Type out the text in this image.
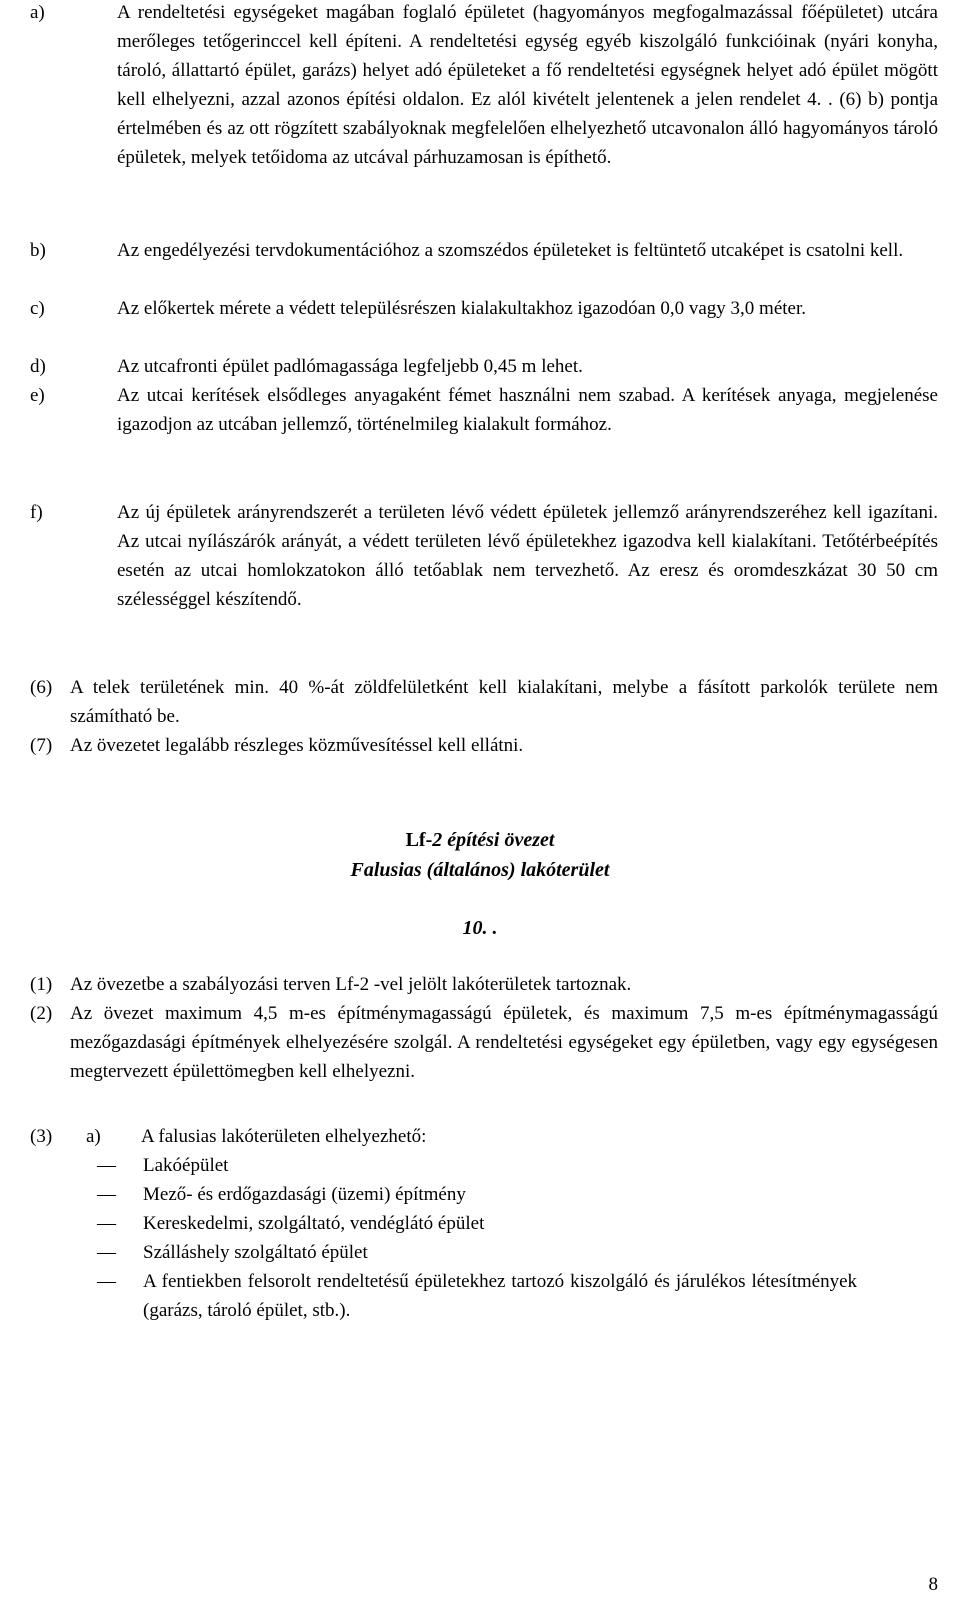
a)	A rendeltetési egységeket magában foglaló épületet (hagyományos megfogalmazással főépületet) utcára merőleges tetőgerinccel kell építeni. A rendeltetési egység egyéb kiszolgáló funkcióinak (nyári konyha, tároló, állattartó épület, garázs) helyet adó épületeket a fő rendeltetési egységnek helyet adó épület mögött kell elhelyezni, azzal azonos építési oldalon. Ez alól kivételt jelentenek a jelen rendelet 4. . (6) b) pontja értelmében és az ott rögzített szabályoknak megfelelően elhelyezhető utcavonalon álló hagyományos tároló épületek, melyek tetőidoma az utcával párhuzamosan is építhető.
b)	Az engedélyezési tervdokumentációhoz a szomszédos épületeket is feltüntető utcaképet is csatolni kell.
c)	Az előkertek mérete a védett településrészen kialakultakhoz igazodóan 0,0 vagy 3,0 méter.
d)	Az utcafronti épület padlómagassága legfeljebb 0,45 m lehet.
e)	Az utcai kerítések elsődleges anyagaként fémet használni nem szabad. A kerítések anyaga, megjelenése igazodjon az utcában jellemző, történelmileg kialakult formához.
f)	Az új épületek arányrendszerét a területen lévő védett épületek jellemző arányrendszeréhez kell igazítani. Az utcai nyílászárók arányát, a védett területen lévő épületekhez igazodva kell kialakítani. Tetőtérbeépítés esetén az utcai homlokzatokon álló tetőablak nem tervezhető. Az eresz és oromdeszkázat 30 50 cm szélességgel készítendő.
(6) A telek területének min. 40 %-át zöldfelületként kell kialakítani, melybe a fásított parkolók területe nem számítható be.
(7) Az övezetet legalább részleges közművesítéssel kell ellátni.
Lf-2 építési övezet
Falusias (általános) lakóterület
10. .
(1) Az övezetbe a szabályozási terven Lf-2 -vel jelölt lakóterületek tartoznak.
(2) Az övezet maximum 4,5 m-es építménymagasságú épületek, és maximum 7,5 m-es építménymagasságú mezőgazdasági építmények elhelyezésére szolgál. A rendeltetési egységeket egy épületben, vagy egy egységesen megtervezett épülettömegben kell elhelyezni.
(3) a) A falusias lakóterületen elhelyezhető:
— Lakóépület
— Mező- és erdőgazdasági (üzemi) építmény
— Kereskedelmi, szolgáltató, vendéglátó épület
— Szálláshely szolgáltató épület
— A fentiekben felsorolt rendeltetésű épületekhez tartozó kiszolgáló és járulékos létesítmények (garázs, tároló épület, stb.).
8
